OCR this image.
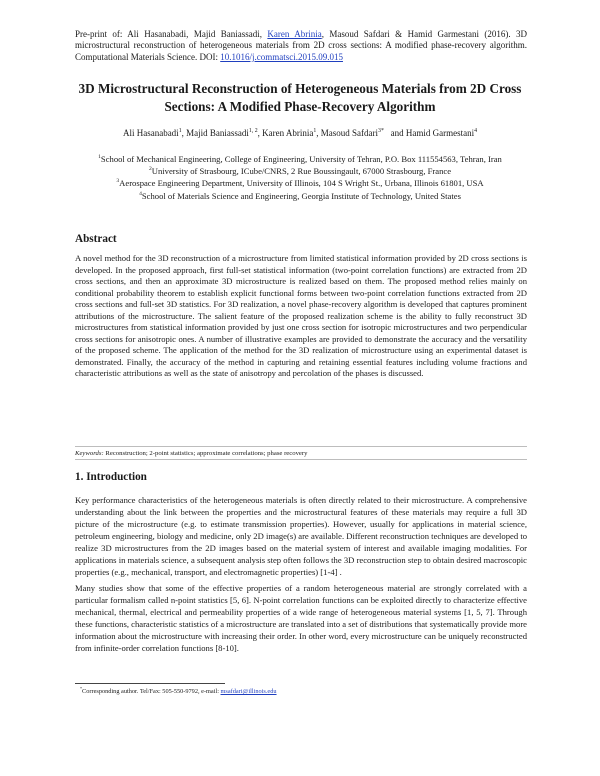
Pre-print of: Ali Hasanabadi, Majid Baniassadi, Karen Abrinia, Masoud Safdari & Hamid Garmestani (2016). 3D microstructural reconstruction of heterogeneous materials from 2D cross sections: A modified phase-recovery algorithm. Computational Materials Science. DOI: 10.1016/j.commatsci.2015.09.015
3D Microstructural Reconstruction of Heterogeneous Materials from 2D Cross Sections: A Modified Phase-Recovery Algorithm
Ali Hasanabadi$^1$, Majid Baniassadi$^{1, 2}$, Karen Abrinia$^1$, Masoud Safdari$^{3*}$ and Hamid Garmestani$^4$
$^1$School of Mechanical Engineering, College of Engineering, University of Tehran, P.O. Box 111554563, Tehran, Iran
$^2$University of Strasbourg, ICube/CNRS, 2 Rue Boussingault, 67000 Strasbourg, France
$^3$Aerospace Engineering Department, University of Illinois, 104 S Wright St., Urbana, Illinois 61801, USA
$^4$School of Materials Science and Engineering, Georgia Institute of Technology, United States
Abstract

A novel method for the 3D reconstruction of a microstructure from limited statistical information provided by 2D cross sections is developed. In the proposed approach, first full-set statistical information (two-point correlation functions) are extracted from 2D cross sections, and then an approximate 3D microstructure is realized based on them. The proposed method relies mainly on conditional probability theorem to establish explicit functional forms between two-point correlation functions extracted from 2D cross sections and full-set 3D statistics. For 3D realization, a novel phase-recovery algorithm is developed that captures prominent attributions of the microstructure. The salient feature of the proposed realization scheme is the ability to fully reconstruct 3D microstructures from statistical information provided by just one cross section for isotropic microstructures and two perpendicular cross sections for anisotropic ones. A number of illustrative examples are provided to demonstrate the accuracy and the versatility of the proposed scheme. The application of the method for the 3D realization of microstructure using an experimental dataset is demonstrated. Finally, the accuracy of the method in capturing and retaining essential features including volume fractions and characteristic attributions as well as the state of anisotropy and percolation of the phases is discussed.

Keywords: Reconstruction; 2-point statistics; approximate correlations; phase recovery
1. Introduction

Key performance characteristics of the heterogeneous materials is often directly related to their microstructure. A comprehensive understanding about the link between the properties and the microstructural features of these materials may require a full 3D picture of the microstructure (e.g. to estimate transmission properties). However, usually for applications in material science, petroleum engineering, biology and medicine, only 2D image(s) are available. Different reconstruction techniques are developed to realize 3D microstructures from the 2D images based on the material system of interest and available imaging modalities. For applications in materials science, a subsequent analysis step often follows the 3D reconstruction step to obtain desired macroscopic properties (e.g., mechanical, transport, and electromagnetic properties) [1-4] .

Many studies show that some of the effective properties of a random heterogeneous material are strongly correlated with a particular formalism called n-point statistics [5, 6]. N-point correlation functions can be exploited directly to characterize effective mechanical, thermal, electrical and permeability properties of a wide range of heterogeneous material systems [1, 5, 7]. Through these functions, characteristic statistics of a microstructure are translated into a set of distributions that systematically provide more information about the microstructure with increasing their order. In other word, every microstructure can be uniquely reconstructed from infinite-order correlation functions [8-10].

*Corresponding author. Tel/Fax: 505-550-9792, e-mail: msafdari@illinois.edu
